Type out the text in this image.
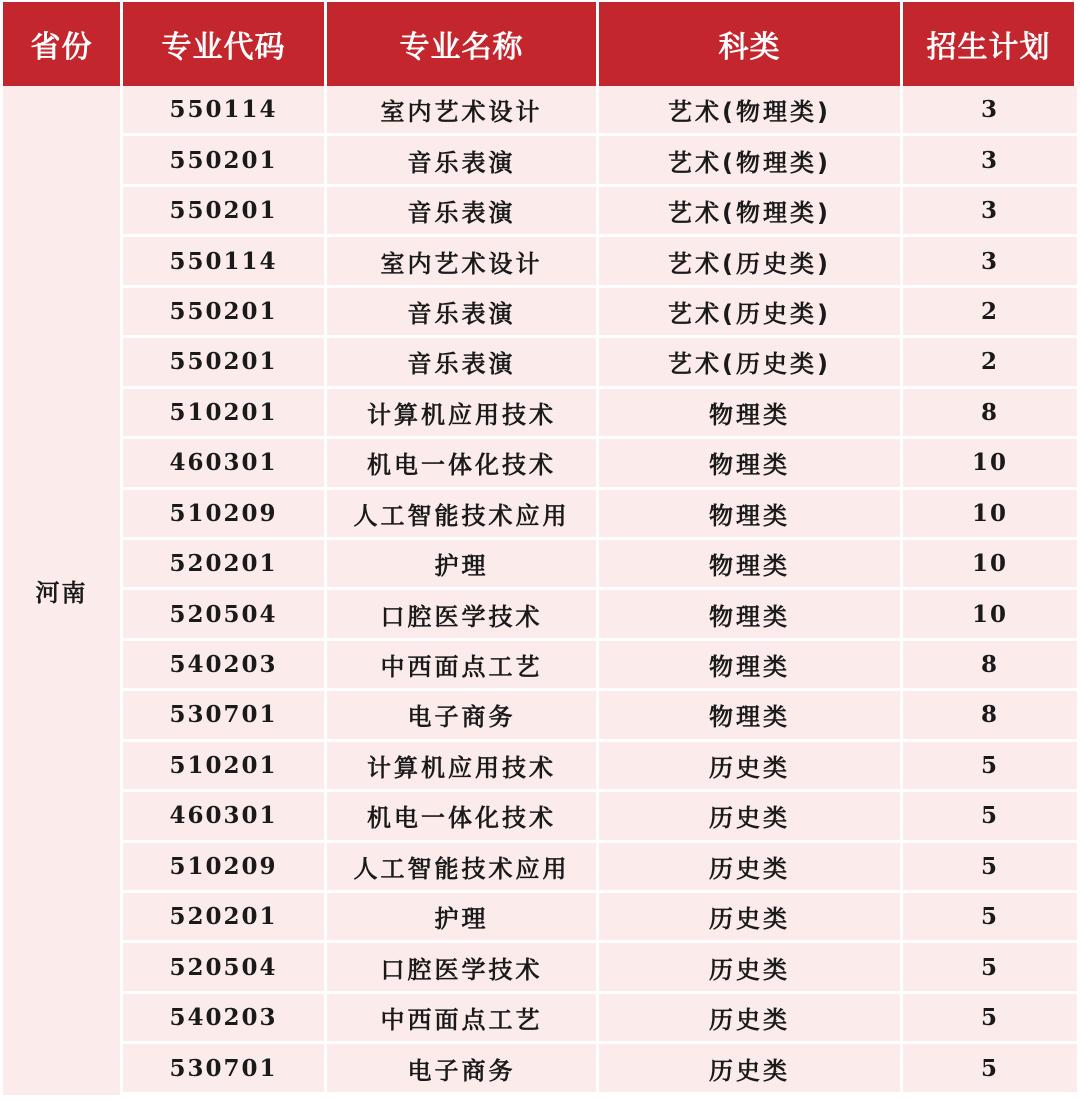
省份	专业代码	专业名称	科类	招生计划
河南
550114	室内艺术设计	艺术(物理类)	3
550201	音乐表演	艺术(物理类)	3
550201	音乐表演	艺术(物理类)	3
550114	室内艺术设计	艺术(历史类)	3
550201	音乐表演	艺术(历史类)	2
550201	音乐表演	艺术(历史类)	2
510201	计算机应用技术	物理类	8
460301	机电一体化技术	物理类	10
510209	人工智能技术应用	物理类	10
520201	护理	物理类	10
520504	口腔医学技术	物理类	10
540203	中西面点工艺	物理类	8
530701	电子商务	物理类	8
510201	计算机应用技术	历史类	5
460301	机电一体化技术	历史类	5
510209	人工智能技术应用	历史类	5
520201	护理	历史类	5
520504	口腔医学技术	历史类	5
540203	中西面点工艺	历史类	5
530701	电子商务	历史类	5
